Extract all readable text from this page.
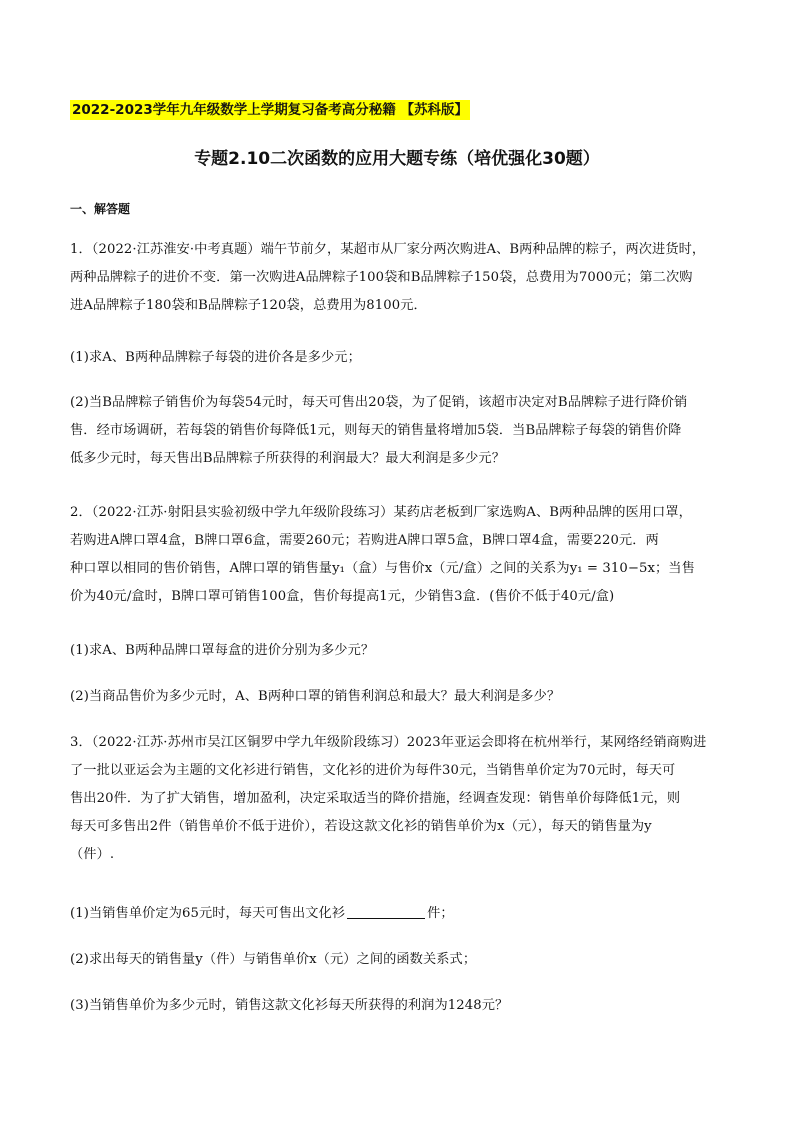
2022-2023学年九年级数学上学期复习备考高分秘籍 【苏科版】
专题2.10二次函数的应用大题专练（培优强化30题）
一、解答题
1．（2022·江苏淮安·中考真题）端午节前夕，某超市从厂家分两次购进A、B两种品牌的粽子，两次进货时，
两种品牌粽子的进价不变．第一次购进A品牌粽子100袋和B品牌粽子150袋，总费用为7000元；第二次购
进A品牌粽子180袋和B品牌粽子120袋，总费用为8100元．
(1)求A、B两种品牌粽子每袋的进价各是多少元；
(2)当B品牌粽子销售价为每袋54元时，每天可售出20袋，为了促销，该超市决定对B品牌粽子进行降价销
售．经市场调研，若每袋的销售价每降低1元，则每天的销售量将增加5袋．当B品牌粽子每袋的销售价降
低多少元时，每天售出B品牌粽子所获得的利润最大？最大利润是多少元？
2．（2022·江苏·射阳县实验初级中学九年级阶段练习）某药店老板到厂家选购A、B两种品牌的医用口罩，
若购进A牌口罩4盒，B牌口罩6盒，需要260元；若购进A牌口罩5盒，B牌口罩4盒，需要220元．两
种口罩以相同的售价销售，A牌口罩的销售量y₁（盒）与售价x（元/盒）之间的关系为y₁ = 310−5x；当售
价为40元/盒时，B牌口罩可销售100盒，售价每提高1元，少销售3盒．(售价不低于40元/盒)
(1)求A、B两种品牌口罩每盒的进价分别为多少元？
(2)当商品售价为多少元时，A、B两种口罩的销售利润总和最大？最大利润是多少？
3．（2022·江苏·苏州市吴江区铜罗中学九年级阶段练习）2023年亚运会即将在杭州举行，某网络经销商购进
了一批以亚运会为主题的文化衫进行销售，文化衫的进价为每件30元，当销售单价定为70元时，每天可
售出20件．为了扩大销售，增加盈利，决定采取适当的降价措施，经调查发现：销售单价每降低1元，则
每天可多售出2件（销售单价不低于进价），若设这款文化衫的销售单价为x（元），每天的销售量为y
（件）.
(1)当销售单价定为65元时，每天可售出文化衫	件；
(2)求出每天的销售量y（件）与销售单价x（元）之间的函数关系式；
(3)当销售单价为多少元时，销售这款文化衫每天所获得的利润为1248元？
